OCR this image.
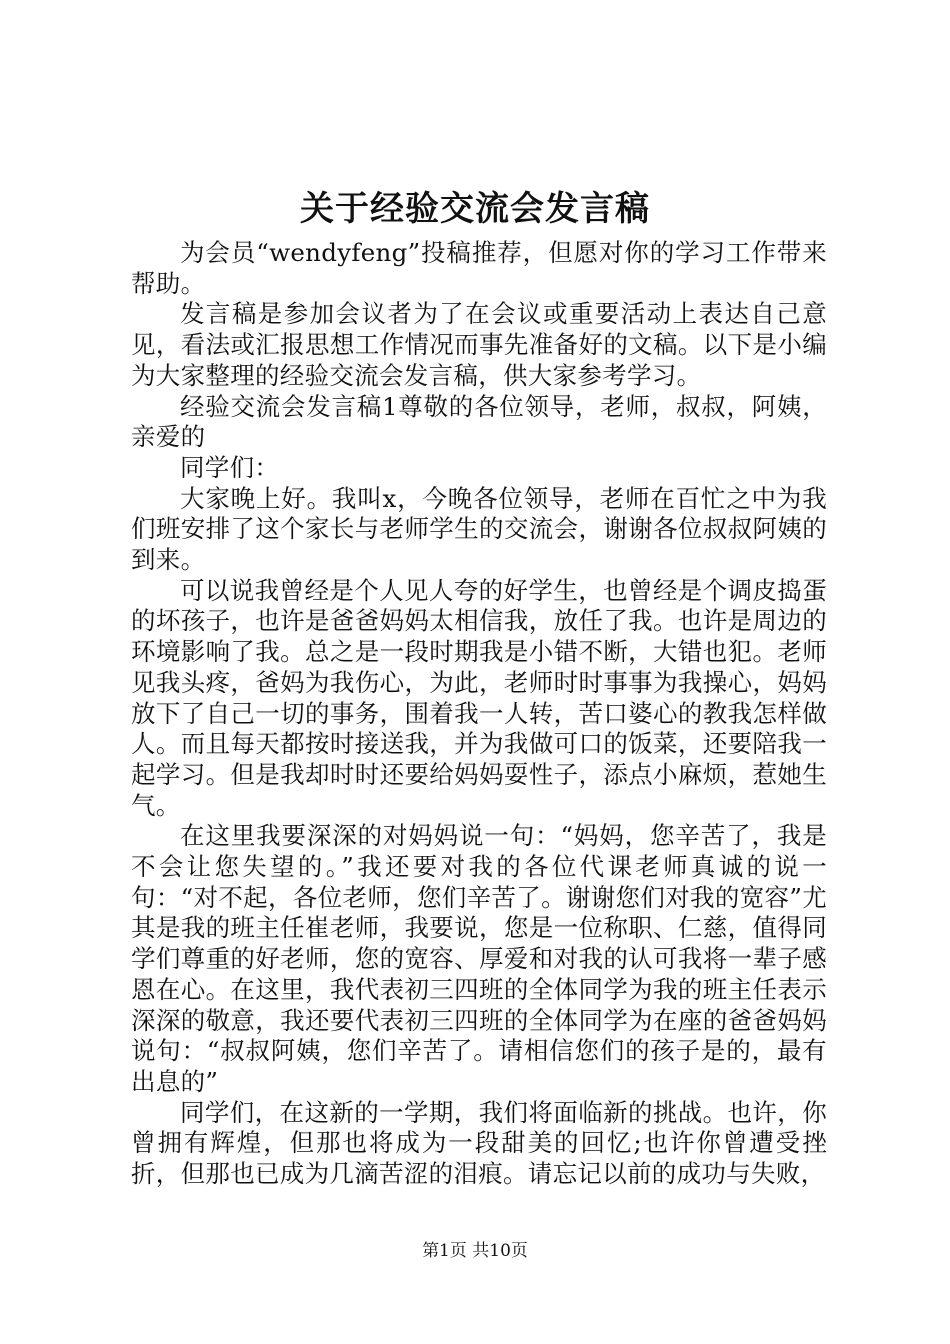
关于经验交流会发言稿

为会员“wendyfeng”投稿推荐，但愿对你的学习工作带来帮助。

发言稿是参加会议者为了在会议或重要活动上表达自己意见，看法或汇报思想工作情况而事先准备好的文稿。以下是小编为大家整理的经验交流会发言稿，供大家参考学习。

经验交流会发言稿1尊敬的各位领导，老师，叔叔，阿姨，亲爱的

同学们：

大家晚上好。我叫x，今晚各位领导，老师在百忙之中为我们班安排了这个家长与老师学生的交流会，谢谢各位叔叔阿姨的到来。

可以说我曾经是个人见人夸的好学生，也曾经是个调皮捣蛋的坏孩子，也许是爸爸妈妈太相信我，放任了我。也许是周边的环境影响了我。总之是一段时期我是小错不断，大错也犯。老师见我头疼，爸妈为我伤心，为此，老师时时事事为我操心，妈妈放下了自己一切的事务，围着我一人转，苦口婆心的教我怎样做人。而且每天都按时接送我，并为我做可口的饭菜，还要陪我一起学习。但是我却时时还要给妈妈耍性子，添点小麻烦，惹她生气。

在这里我要深深的对妈妈说一句：“妈妈，您辛苦了，我是不会让您失望的。”我还要对我的各位代课老师真诚的说一句：“对不起，各位老师，您们辛苦了。谢谢您们对我的宽容”尤其是我的班主任崔老师，我要说，您是一位称职、仁慈，值得同学们尊重的好老师，您的宽容、厚爱和对我的认可我将一辈子感恩在心。在这里，我代表初三四班的全体同学为我的班主任表示深深的敬意，我还要代表初三四班的全体同学为在座的爸爸妈妈说句：“叔叔阿姨，您们辛苦了。请相信您们的孩子是的，最有出息的”

同学们，在这新的一学期，我们将面临新的挑战。也许，你曾拥有辉煌，但那也将成为一段甜美的回忆;也许你曾遭受挫折，但那也已成为几滴苦涩的泪痕。请忘记以前的成功与失败，

第1页 共10页
